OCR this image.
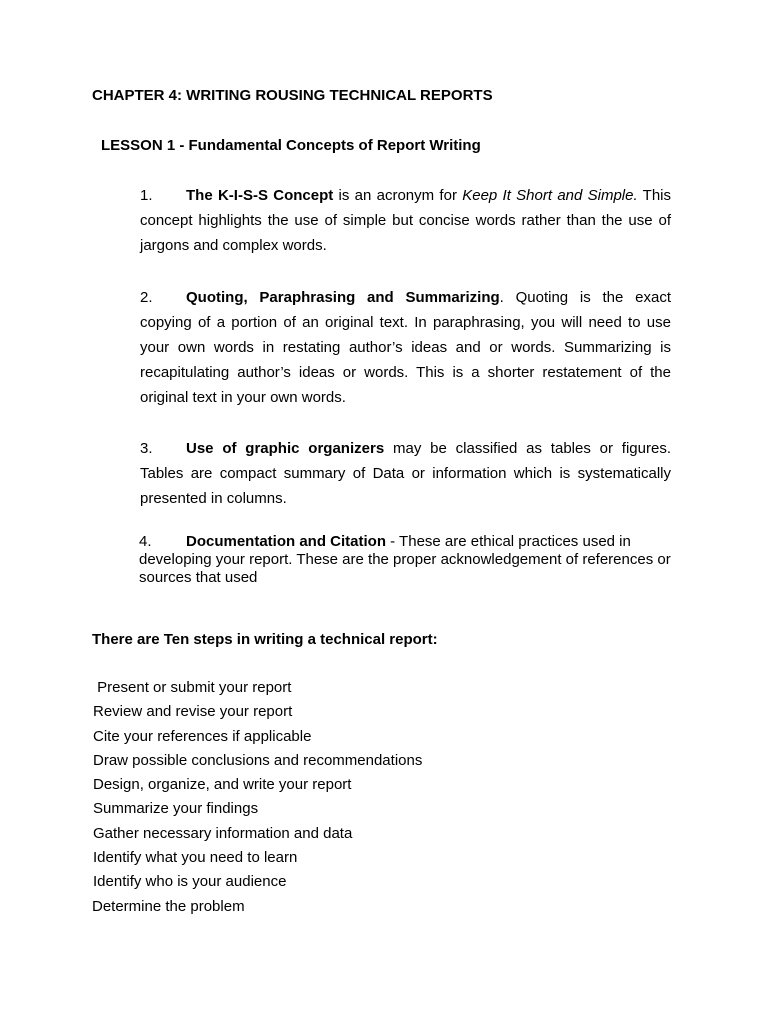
CHAPTER 4: WRITING ROUSING TECHNICAL REPORTS
LESSON 1 - Fundamental Concepts of Report Writing
1. The K-I-S-S Concept is an acronym for Keep It Short and Simple. This concept highlights the use of simple but concise words rather than the use of jargons and complex words.
2. Quoting, Paraphrasing and Summarizing. Quoting is the exact copying of a portion of an original text. In paraphrasing, you will need to use your own words in restating author’s ideas and or words. Summarizing is recapitulating author’s ideas or words. This is a shorter restatement of the original text in your own words.
3. Use of graphic organizers may be classified as tables or figures. Tables are compact summary of Data or information which is systematically presented in columns.
4. Documentation and Citation - These are ethical practices used in developing your report. These are the proper acknowledgement of references or sources that used
There are Ten steps in writing a technical report:
Present or submit your report
Review and revise your report
Cite your references if applicable
Draw possible conclusions and recommendations
Design, organize, and write your report
Summarize your findings
Gather necessary information and data
Identify what you need to learn
Identify who is your audience
Determine the problem
